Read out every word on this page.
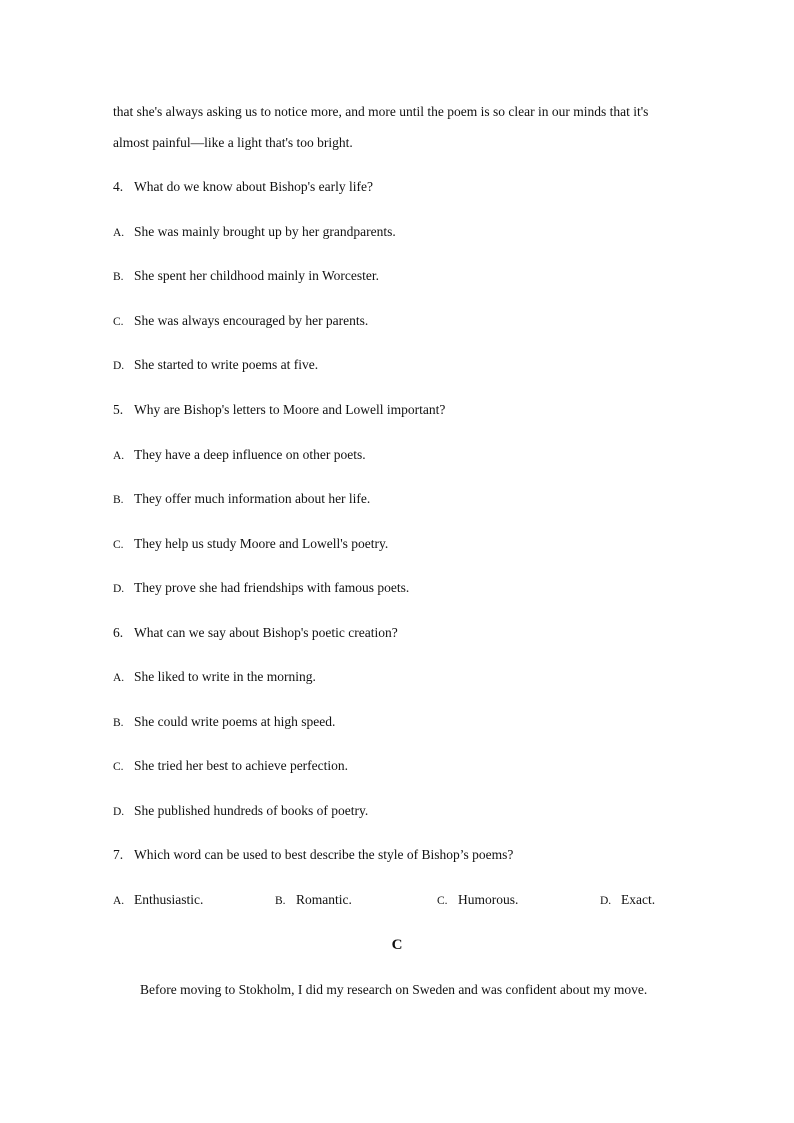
that she's always asking us to notice more, and more until the poem is so clear in our minds that it's
almost painful—like a light that's too bright.
4. What do we know about Bishop's early life?
A. She was mainly brought up by her grandparents.
B. She spent her childhood mainly in Worcester.
C. She was always encouraged by her parents.
D. She started to write poems at five.
5. Why are Bishop's letters to Moore and Lowell important?
A. They have a deep influence on other poets.
B. They offer much information about her life.
C. They help us study Moore and Lowell's poetry.
D. They prove she had friendships with famous poets.
6. What can we say about Bishop's poetic creation?
A. She liked to write in the morning.
B. She could write poems at high speed.
C. She tried her best to achieve perfection.
D. She published hundreds of books of poetry.
7. Which word can be used to best describe the style of Bishop’s poems?
A. Enthusiastic.	B. Romantic.	C. Humorous.	D. Exact.
C
Before moving to Stokholm, I did my research on Sweden and was confident about my move.
